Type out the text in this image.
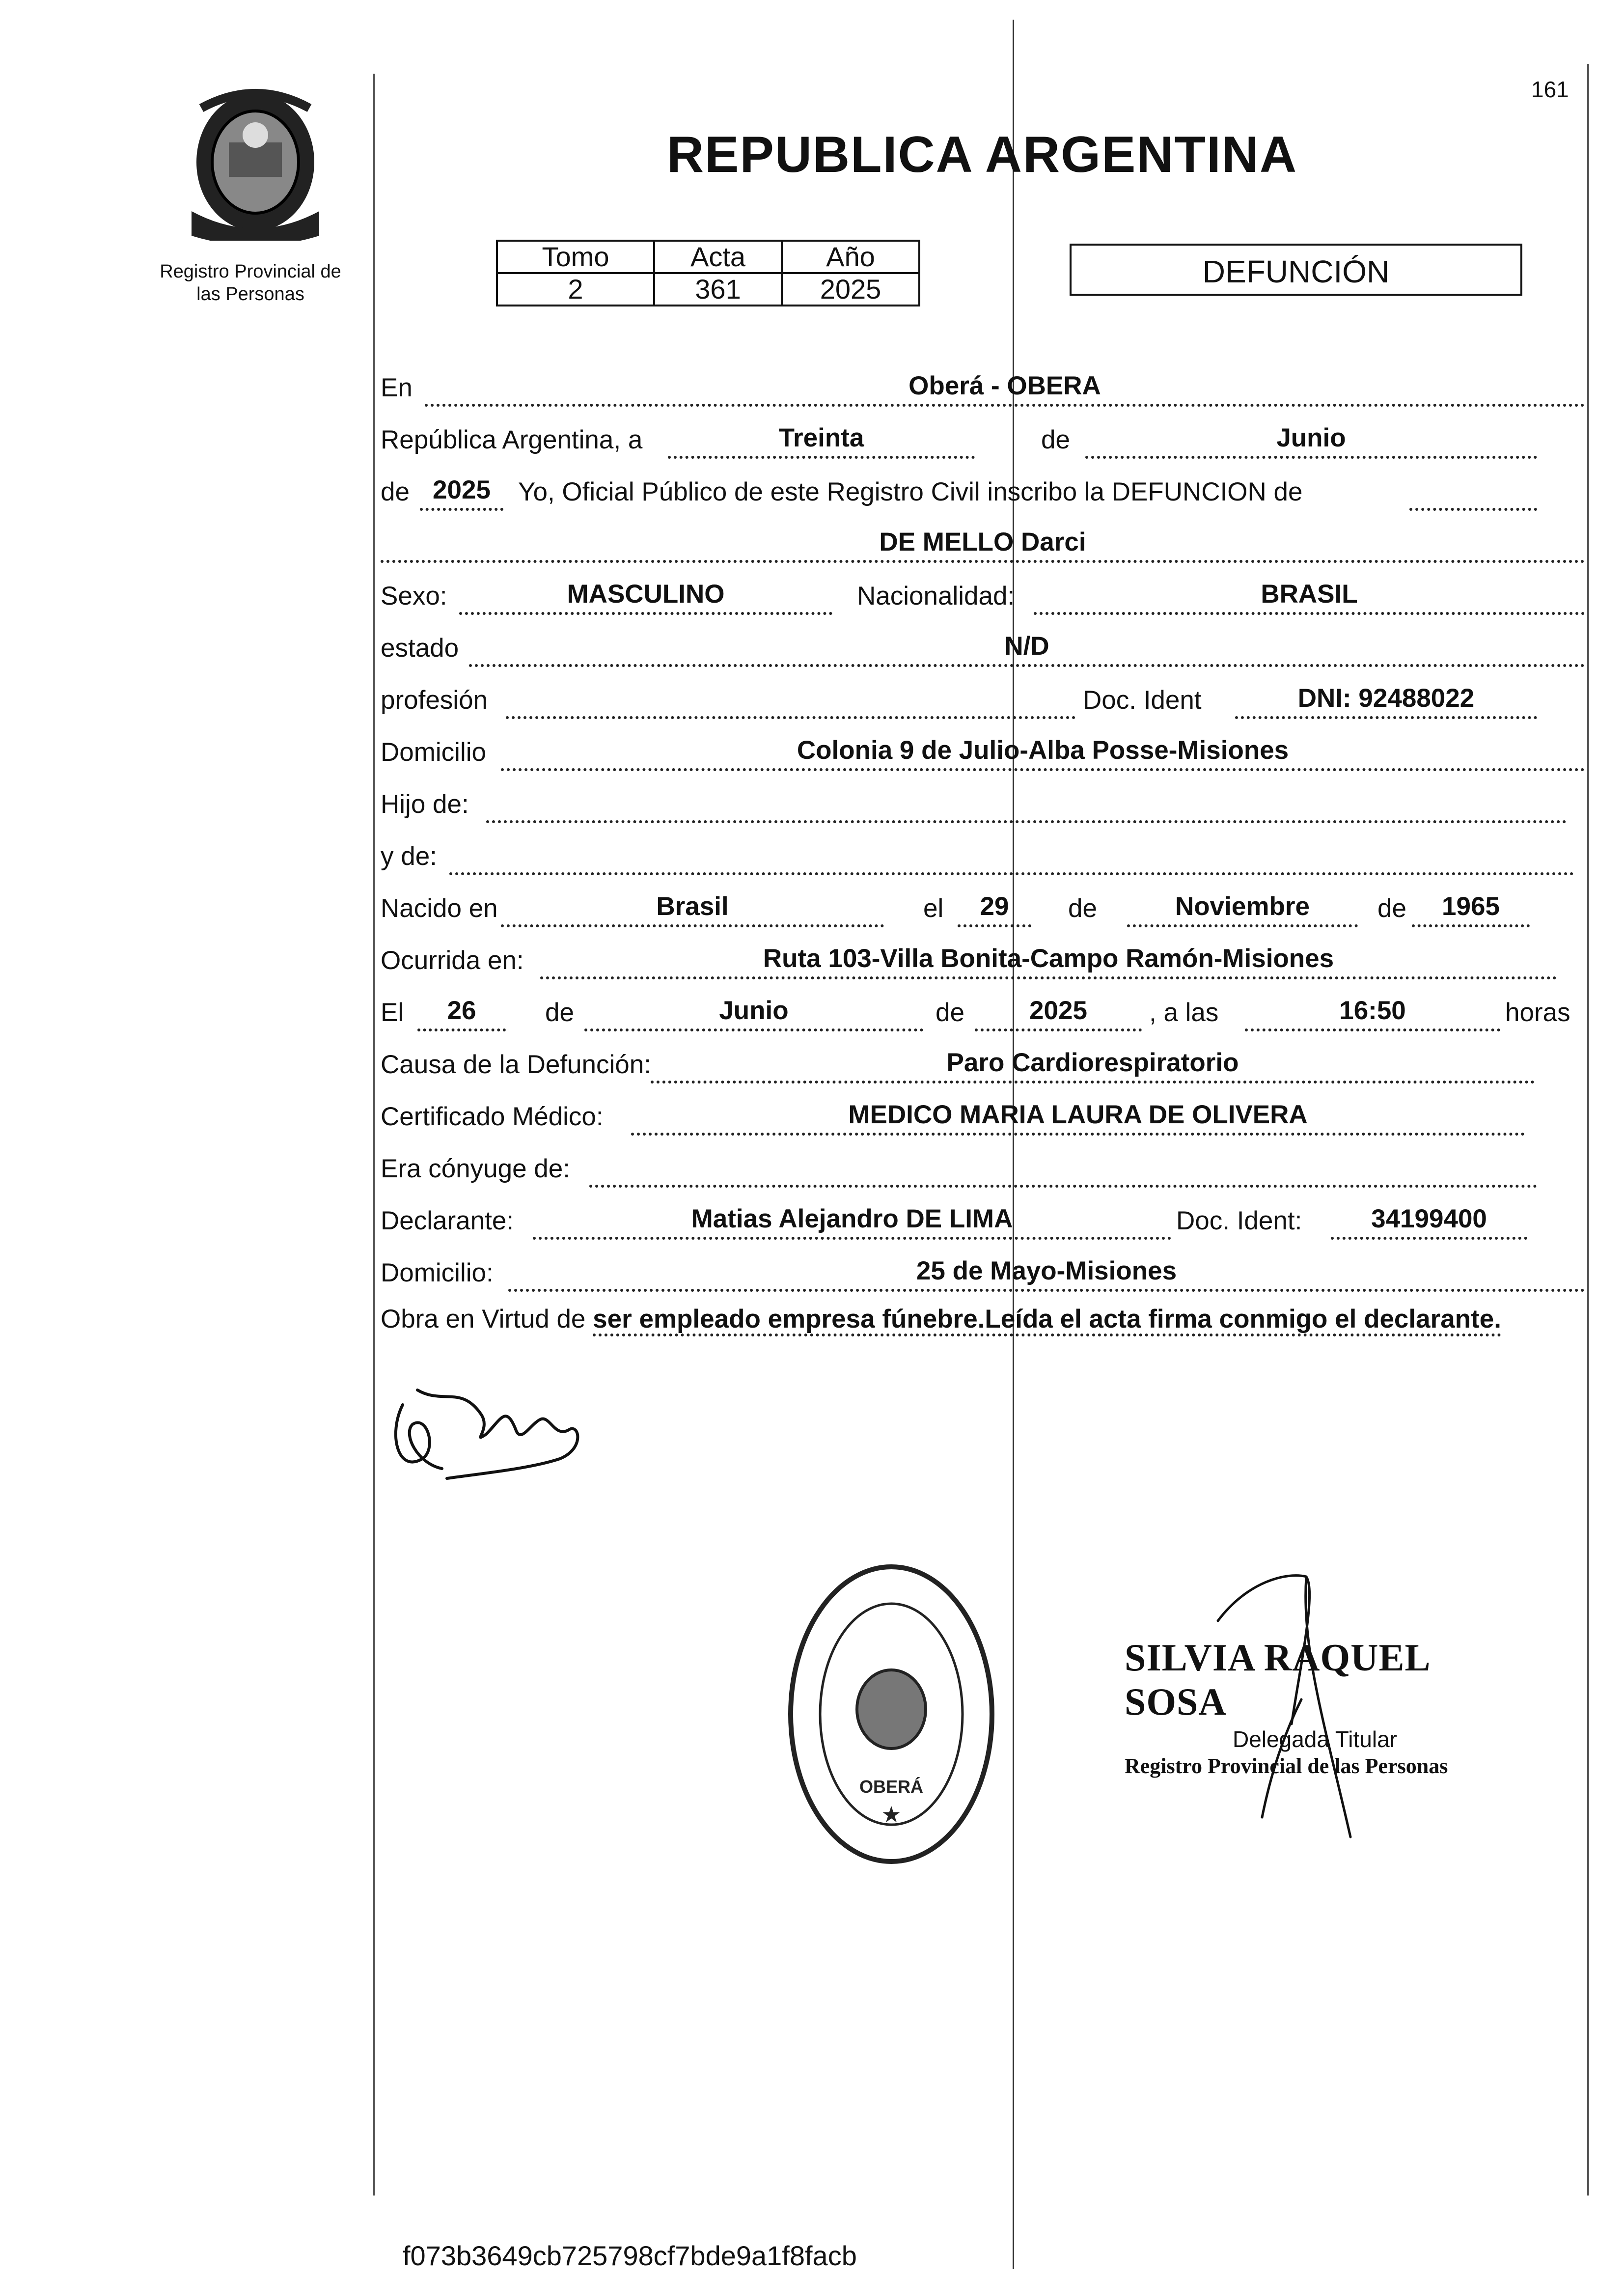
Registro Provincial de las Personas
161
REPUBLICA ARGENTINA
Tomo	Acta	Año
2	361	2025	DEFUNCIÓN
En	Oberá - OBERA
República Argentina, a	Treinta	de	Junio
de 2025	Yo, Oficial Público de este Registro Civil inscribo la DEFUNCION de
DE MELLO Darci
Sexo:	MASCULINO	Nacionalidad:	BRASIL
estado	N/D
profesión	Doc. Ident	DNI: 92488022
Domicilio	Colonia 9 de Julio-Alba Posse-Misiones
Hijo de:
y de:
Nacido en	Brasil	el	29	de	Noviembre	de	1965
Ocurrida en:	Ruta 103-Villa Bonita-Campo Ramón-Misiones
El	26	de	Junio	de	2025	, a las	16:50	horas
Causa de la Defunción:	Paro Cardiorespiratorio
Certificado Médico:	MEDICO MARIA LAURA DE OLIVERA
Era cónyuge de:
Declarante:	Matias Alejandro DE LIMA	Doc. Ident:	34199400
Domicilio:	25 de Mayo-Misiones
Obra en Virtud de ser empleado empresa fúnebre.Leída el acta firma conmigo el declarante.
OBERÁ
★
SILVIA RAQUEL SOSA
Delegada Titular
Registro Provincial de las Personas
f073b3649cb725798cf7bde9a1f8facb
